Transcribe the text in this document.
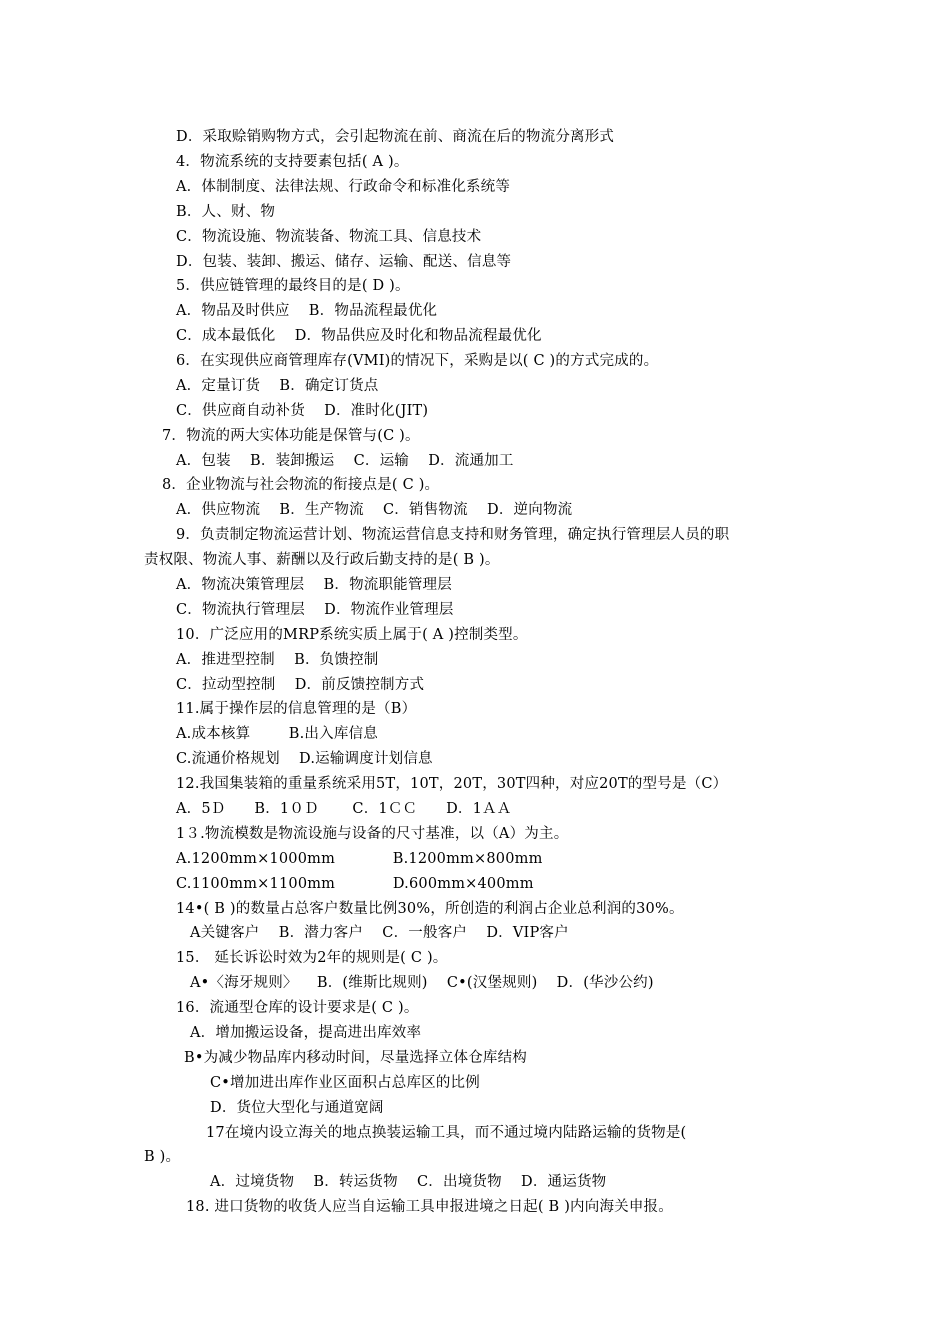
D．采取赊销购物方式，会引起物流在前、商流在后的物流分离形式
4．物流系统的支持要素包括( A )。
A．体制制度、法律法规、行政命令和标准化系统等
B．人、财、物
C．物流设施、物流装备、物流工具、信息技术
D．包装、装卸、搬运、储存、运输、配送、信息等
5．供应链管理的最终目的是( D )。
A．物品及时供应    B．物品流程最优化
C．成本最低化    D．物品供应及时化和物品流程最优化
6．在实现供应商管理库存(VMI)的情况下，采购是以( C )的方式完成的。
A．定量订货    B．确定订货点
C．供应商自动补货    D．准时化(JIT)
7．物流的两大实体功能是保管与(C )。
A．包装    B．装卸搬运    C．运输    D．流通加工
8．企业物流与社会物流的衔接点是( C )。
A．供应物流    B．生产物流    C．销售物流    D．逆向物流
9．负责制定物流运营计划、物流运营信息支持和财务管理，确定执行管理层人员的职
责权限、物流人事、薪酬以及行政后勤支持的是( B )。
A．物流决策管理层    B．物流职能管理层
C．物流执行管理层    D．物流作业管理层
10．广泛应用的MRP系统实质上属于( A )控制类型。
A．推进型控制    B．负馈控制
C．拉动型控制    D．前反馈控制方式
11.属于操作层的信息管理的是（B）
A.成本核算        B.出入库信息
C.流通价格规划    D.运输调度计划信息
12.我国集装箱的重量系统采用5T，10T，20T，30T四种，对应20T的型号是（C）
A．5Ｄ      B．1０Ｄ       C．1ＣＣ      D．1ＡＡ
1３.物流模数是物流设施与设备的尺寸基准，以（A）为主。
A.1200mm×1000mm            B.1200mm×800mm
C.1100mm×1100mm            D.600mm×400mm
14•( B )的数量占总客户数量比例30%，所创造的利润占企业总利润的30%。
A关键客户    B．潜力客户    C．一般客户    D．VIP客户
15． 延长诉讼时效为2年的规则是( C )。
A•〈海牙规则〉    B．(维斯比规则)    C•(汉堡规则)    D．(华沙公约)
16．流通型仓库的设计要求是( C )。
A．增加搬运设备，提高进出库效率
B•为减少物品库内移动时间，尽量选择立体仓库结构
C•增加进出库作业区面积占总库区的比例
D．货位大型化与通道宽阔
17在境内设立海关的地点换装运输工具，而不通过境内陆路运输的货物是(
B )。
A．过境货物    B．转运货物    C．出境货物    D．通运货物
18. 进口货物的收货人应当自运输工具申报进境之日起( B )内向海关申报。
